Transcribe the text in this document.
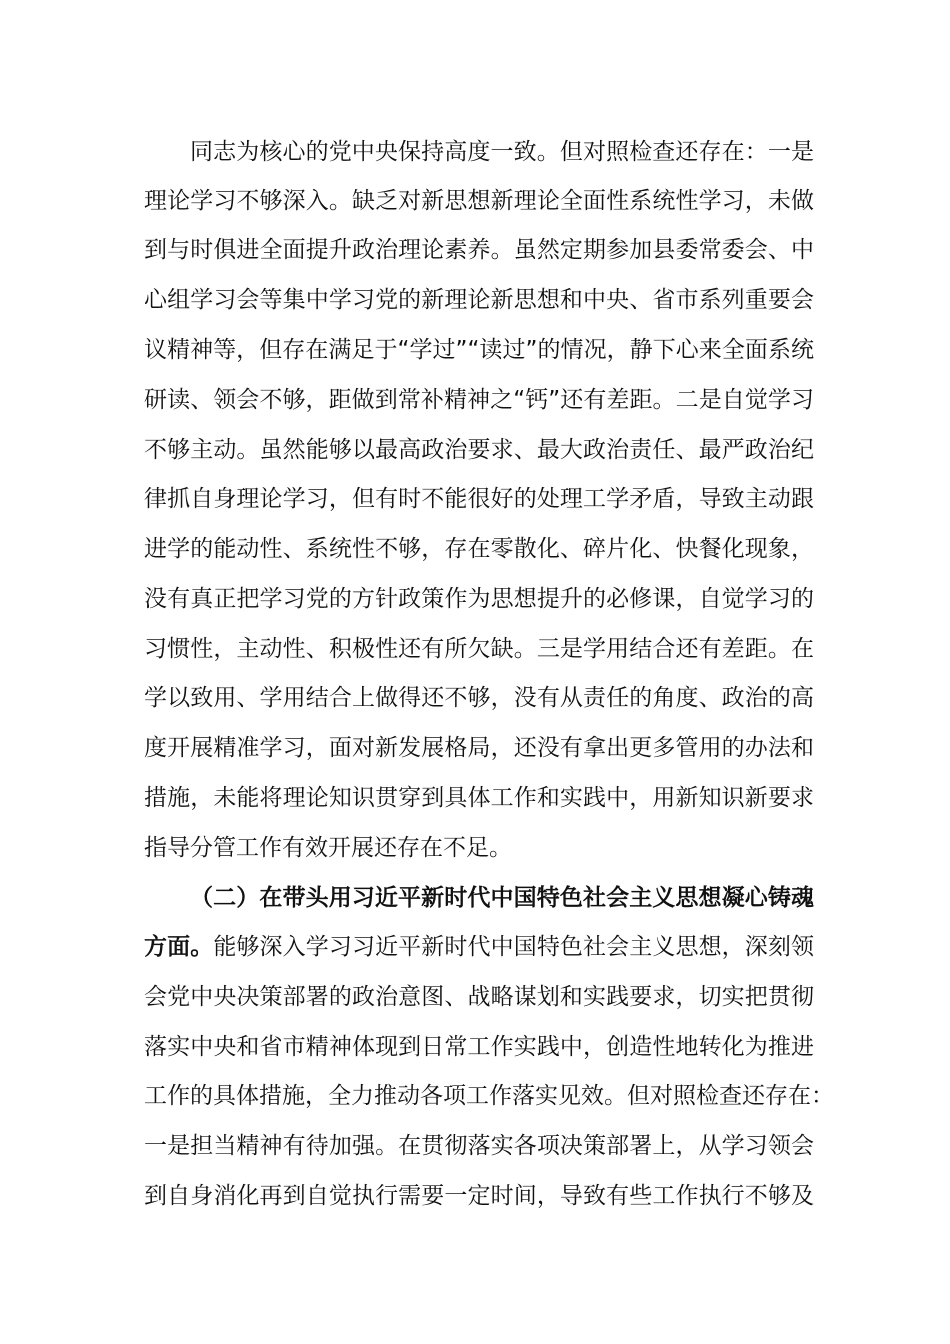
同志为核心的党中央保持高度一致。但对照检查还存在：一是
理论学习不够深入。缺乏对新思想新理论全面性系统性学习，未做
到与时俱进全面提升政治理论素养。虽然定期参加县委常委会、中
心组学习会等集中学习党的新理论新思想和中央、省市系列重要会
议精神等，但存在满足于“学过”“读过”的情况，静下心来全面系统
研读、领会不够，距做到常补精神之“钙”还有差距。二是自觉学习
不够主动。虽然能够以最高政治要求、最大政治责任、最严政治纪
律抓自身理论学习，但有时不能很好的处理工学矛盾，导致主动跟
进学的能动性、系统性不够，存在零散化、碎片化、快餐化现象，
没有真正把学习党的方针政策作为思想提升的必修课，自觉学习的
习惯性，主动性、积极性还有所欠缺。三是学用结合还有差距。在
学以致用、学用结合上做得还不够，没有从责任的角度、政治的高
度开展精准学习，面对新发展格局，还没有拿出更多管用的办法和
措施，未能将理论知识贯穿到具体工作和实践中，用新知识新要求
指导分管工作有效开展还存在不足。
（二）在带头用习近平新时代中国特色社会主义思想凝心铸魂
方面。能够深入学习习近平新时代中国特色社会主义思想，深刻领
会党中央决策部署的政治意图、战略谋划和实践要求，切实把贯彻
落实中央和省市精神体现到日常工作实践中，创造性地转化为推进
工作的具体措施，全力推动各项工作落实见效。但对照检查还存在：
一是担当精神有待加强。在贯彻落实各项决策部署上，从学习领会
到自身消化再到自觉执行需要一定时间，导致有些工作执行不够及
